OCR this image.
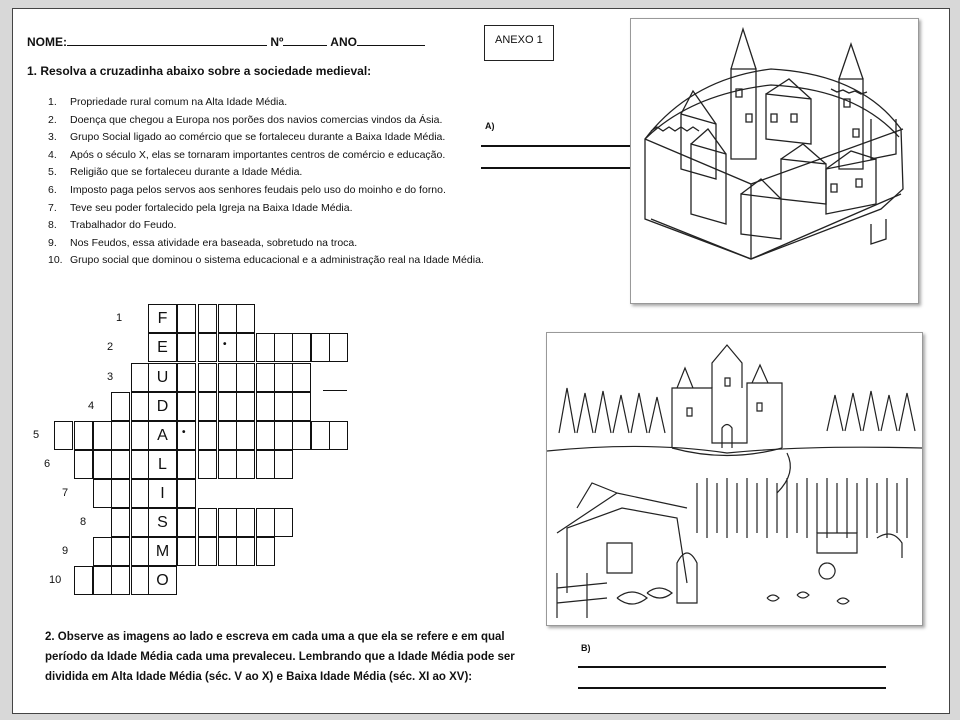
NOME:	Nº	ANO	ANEXO 1
1. Resolva a cruzadinha abaixo sobre a sociedade medieval:
1. Propriedade rural comum na Alta Idade Média.
2. Doença que chegou a Europa nos porões dos navios comercias vindos da Ásia.
3. Grupo Social ligado ao comércio que se fortaleceu durante a Baixa Idade Média.
4. Após o século X, elas se tornaram importantes centros de comércio e educação.
5. Religião que se fortaleceu durante a Idade Média.
6. Imposto paga pelos servos aos senhores feudais pelo uso do moinho e do forno.
7. Teve seu poder fortalecido pela Igreja na Baixa Idade Média.
8. Trabalhador do Feudo.
9. Nos Feudos, essa atividade era baseada, sobretudo na troca.
10. Grupo social que dominou o sistema educacional e a administração real na Idade Média.
1	F
2	E	•
3	U
4	D
5	A	•
6	L
7	I
8	S
9	M
10	O
A)
B)
2. Observe as imagens ao lado e escreva em cada uma a que ela se refere e em qual período da Idade Média cada uma prevaleceu. Lembrando que a Idade Média pode ser dividida em Alta Idade Média (séc. V ao X) e Baixa Idade Média (séc. XI ao XV):
